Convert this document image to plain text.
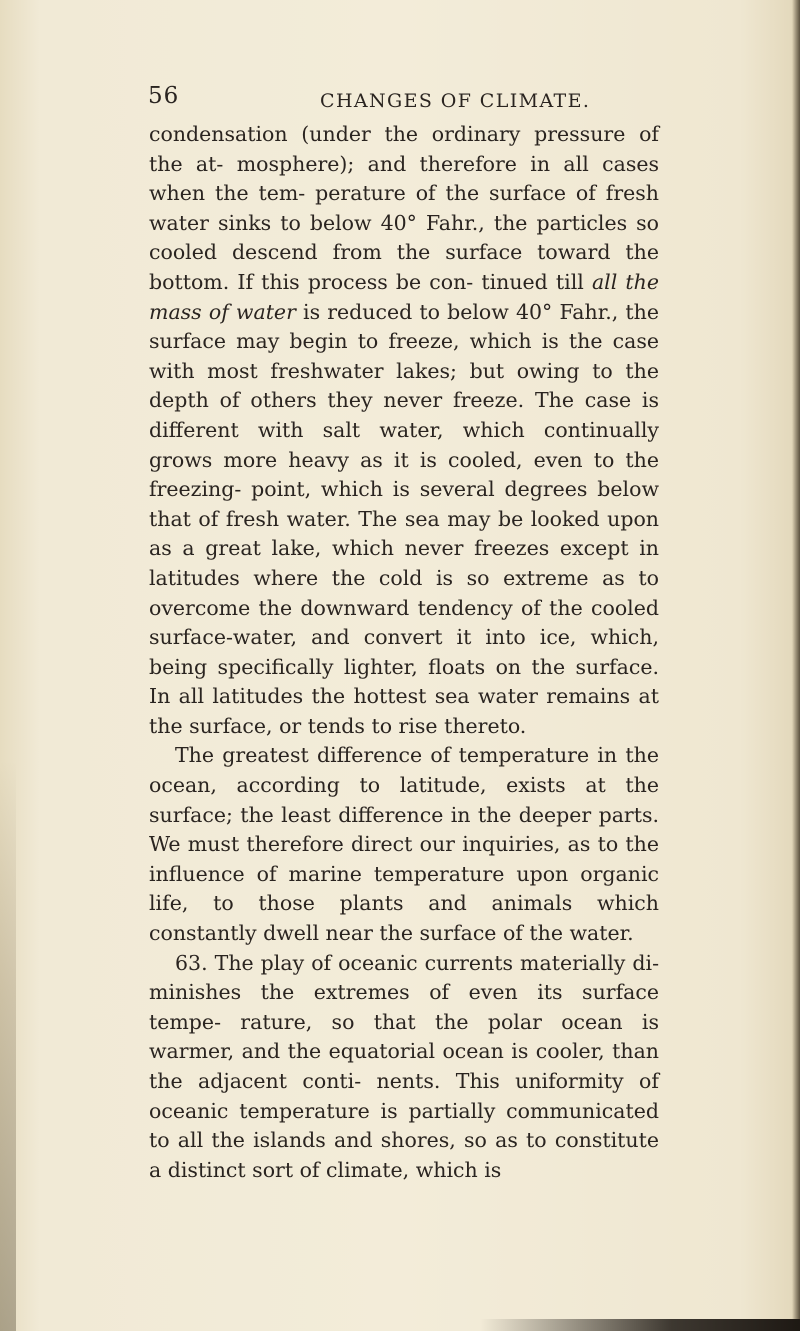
56	CHANGES OF CLIMATE.

condensation (under the ordinary pressure of the at- mosphere); and therefore in all cases when the tem- perature of the surface of fresh water sinks to below 40° Fahr., the particles so cooled descend from the surface toward the bottom. If this process be con- tinued till all the mass of water is reduced to below 40° Fahr., the surface may begin to freeze, which is the case with most freshwater lakes; but owing to the depth of others they never freeze. The case is different with salt water, which continually grows more heavy as it is cooled, even to the freezing- point, which is several degrees below that of fresh water. The sea may be looked upon as a great lake, which never freezes except in latitudes where the cold is so extreme as to overcome the downward tendency of the cooled surface-water, and convert it into ice, which, being specifically lighter, floats on the surface. In all latitudes the hottest sea water remains at the surface, or tends to rise thereto.

The greatest difference of temperature in the ocean, according to latitude, exists at the surface; the least difference in the deeper parts. We must therefore direct our inquiries, as to the influence of marine temperature upon organic life, to those plants and animals which constantly dwell near the surface of the water.

63. The play of oceanic currents materially di- minishes the extremes of even its surface tempe- rature, so that the polar ocean is warmer, and the equatorial ocean is cooler, than the adjacent conti- nents. This uniformity of oceanic temperature is partially communicated to all the islands and shores, so as to constitute a distinct sort of climate, which is
